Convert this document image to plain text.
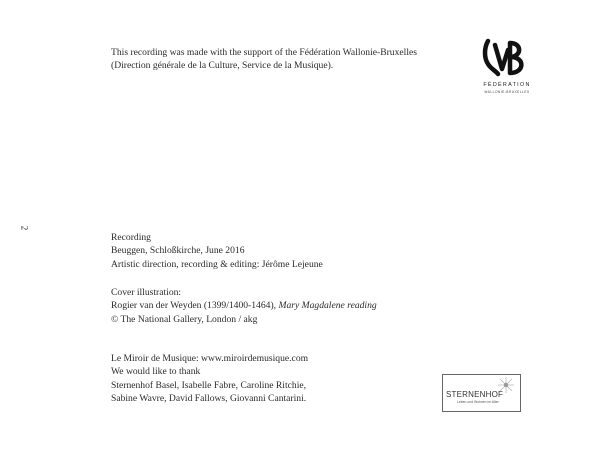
2
This recording was made with the support of the Fédération Wallonie-Bruxelles
(Direction générale de la Culture, Service de la Musique).
FÉDÉRATION
WALLONIE-BRUXELLES
Recording
Beuggen, Schloßkirche, June 2016
Artistic direction, recording & editing: Jérôme Lejeune
Cover illustration:
Rogier van der Weyden (1399/1400-1464), Mary Magdalene reading
© The National Gallery, London / akg
Le Miroir de Musique: www.miroirdemusique.com
We would like to thank
Sternenhof Basel, Isabelle Fabre, Caroline Ritchie,
Sabine Wavre, David Fallows, Giovanni Cantarini.	STERNENHOF
Leben und Wohnen im Alter
